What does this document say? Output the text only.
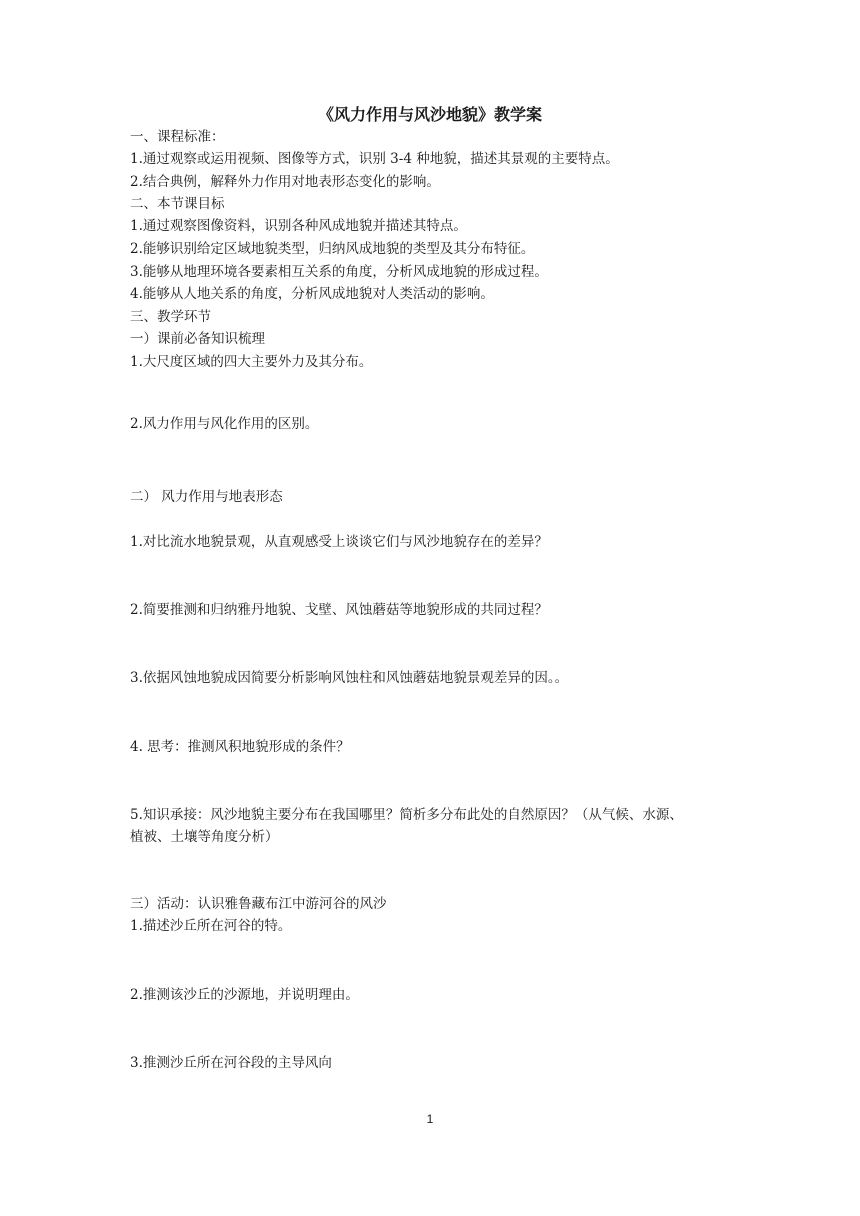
《风力作用与风沙地貌》教学案
一、课程标准：
1.通过观察或运用视频、图像等方式，识别 3-4 种地貌，描述其景观的主要特点。
2.结合典例，解释外力作用对地表形态变化的影响。
二、本节课目标
1.通过观察图像资料，识别各种风成地貌并描述其特点。
2.能够识别给定区域地貌类型，归纳风成地貌的类型及其分布特征。
3.能够从地理环境各要素相互关系的角度，分析风成地貌的形成过程。
4.能够从人地关系的角度，分析风成地貌对人类活动的影响。
三、教学环节
一）课前必备知识梳理
1.大尺度区域的四大主要外力及其分布。
2.风力作用与风化作用的区别。
二） 风力作用与地表形态
1.对比流水地貌景观，从直观感受上谈谈它们与风沙地貌存在的差异？
2.简要推测和归纳雅丹地貌、戈壁、风蚀蘑菇等地貌形成的共同过程？
3.依据风蚀地貌成因简要分析影响风蚀柱和风蚀蘑菇地貌景观差异的因。。
4. 思考：推测风积地貌形成的条件？
5.知识承接：风沙地貌主要分布在我国哪里？简析多分布此处的自然原因？（从气候、水源、
植被、土壤等角度分析）
三）活动：认识雅鲁藏布江中游河谷的风沙
1.描述沙丘所在河谷的特。
2.推测该沙丘的沙源地，并说明理由。
3.推测沙丘所在河谷段的主导风向
1
